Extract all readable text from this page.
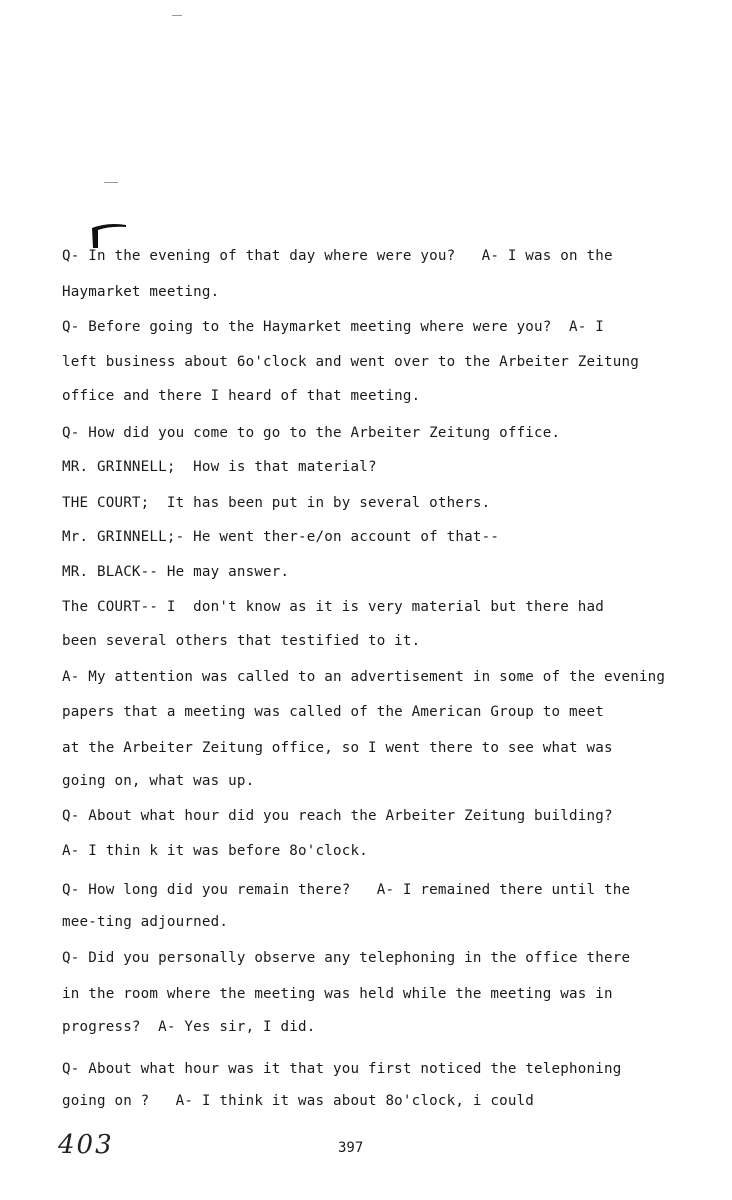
Q- In the evening of that day where were you?   A- I was on the
Haymarket meeting.
Q- Before going to the Haymarket meeting where were you?  A- I
left business about 6o'clock and went over to the Arbeiter Zeitung
office and there I heard of that meeting.
Q- How did you come to go to the Arbeiter Zeitung office.
MR. GRINNELL;  How is that material?
THE COURT;  It has been put in by several others.
Mr. GRINNELL;- He went ther-e/on account of that--
MR. BLACK-- He may answer.
The COURT-- I  don't know as it is very material but there had
been several others that testified to it.
A- My attention was called to an advertisement in some of the evening
papers that a meeting was called of the American Group to meet
at the Arbeiter Zeitung office, so I went there to see what was
going on, what was up.
Q- About what hour did you reach the Arbeiter Zeitung building?
A- I thin k it was before 8o'clock.
Q- How long did you remain there?   A- I remained there until the
mee-ting adjourned.
Q- Did you personally observe any telephoning in the office there
in the room where the meeting was held while the meeting was in
progress?  A- Yes sir, I did.
Q- About what hour was it that you first noticed the telephoning
going on ?   A- I think it was about 8o'clock, i could
403	397
